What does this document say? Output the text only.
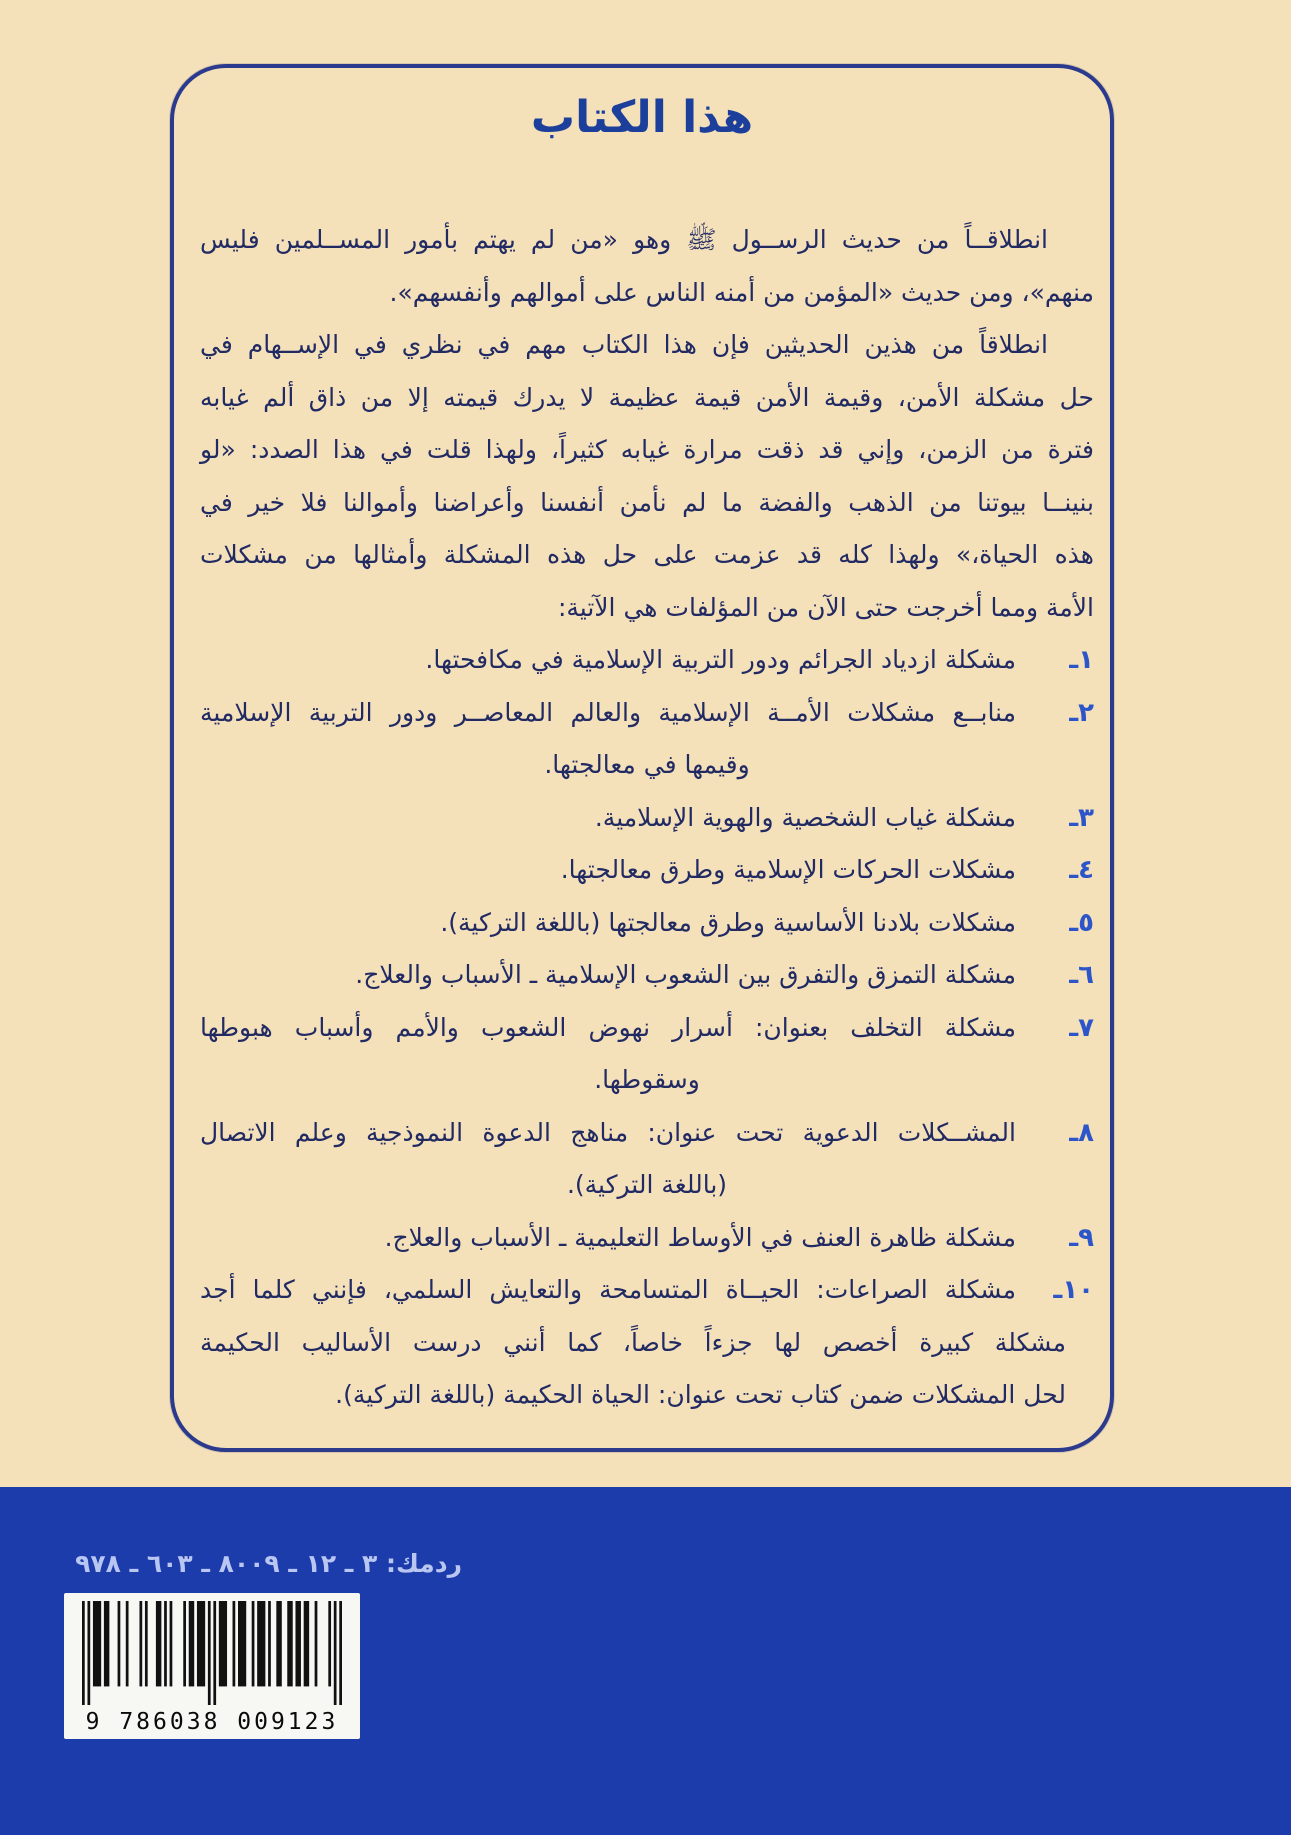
هذا الكتاب
انطلاقــاً من حديث الرســول ﷺ وهو «من لم يهتم بأمور المســلمين فليس
منهم»، ومن حديث «المؤمن من أمنه الناس على أموالهم وأنفسهم».
انطلاقاً من هذين الحديثين فإن هذا الكتاب مهم في نظري في الإســهام في
حل مشكلة الأمن، وقيمة الأمن قيمة عظيمة لا يدرك قيمته إلا من ذاق ألم غيابه
فترة من الزمن، وإني قد ذقت مرارة غيابه كثيراً، ولهذا قلت في هذا الصدد: «لو
بنينــا بيوتنا من الذهب والفضة ما لم نأمن أنفسنا وأعراضنا وأموالنا فلا خير في
هذه الحياة،» ولهذا كله قد عزمت على حل هذه المشكلة وأمثالها من مشكلات
الأمة ومما أخرجت حتى الآن من المؤلفات هي الآتية:
١ـ
مشكلة ازدياد الجرائم ودور التربية الإسلامية في مكافحتها.
٢ـ
منابــع مشكلات الأمــة الإسلامية والعالم المعاصــر ودور التربية الإسلامية
وقيمها في معالجتها.
٣ـ
مشكلة غياب الشخصية والهوية الإسلامية.
٤ـ
مشكلات الحركات الإسلامية وطرق معالجتها.
٥ـ
مشكلات بلادنا الأساسية وطرق معالجتها (باللغة التركية).
٦ـ
مشكلة التمزق والتفرق بين الشعوب الإسلامية ـ الأسباب والعلاج.
٧ـ
مشكلة التخلف بعنوان: أسرار نهوض الشعوب والأمم وأسباب هبوطها
وسقوطها.
٨ـ
المشــكلات الدعوية تحت عنوان: مناهج الدعوة النموذجية وعلم الاتصال
(باللغة التركية).
٩ـ
مشكلة ظاهرة العنف في الأوساط التعليمية ـ الأسباب والعلاج.
١٠ـ
مشكلة الصراعات: الحيــاة المتسامحة والتعايش السلمي، فإنني كلما أجد
مشكلة كبيرة أخصص لها جزءاً خاصاً، كما أنني درست الأساليب الحكيمة
لحل المشكلات ضمن كتاب تحت عنوان: الحياة الحكيمة (باللغة التركية).
ردمك: ٣ ـ ١٢ ـ ٨٠٠٩ ـ ٦٠٣ ـ ٩٧٨
9 786038 009123
